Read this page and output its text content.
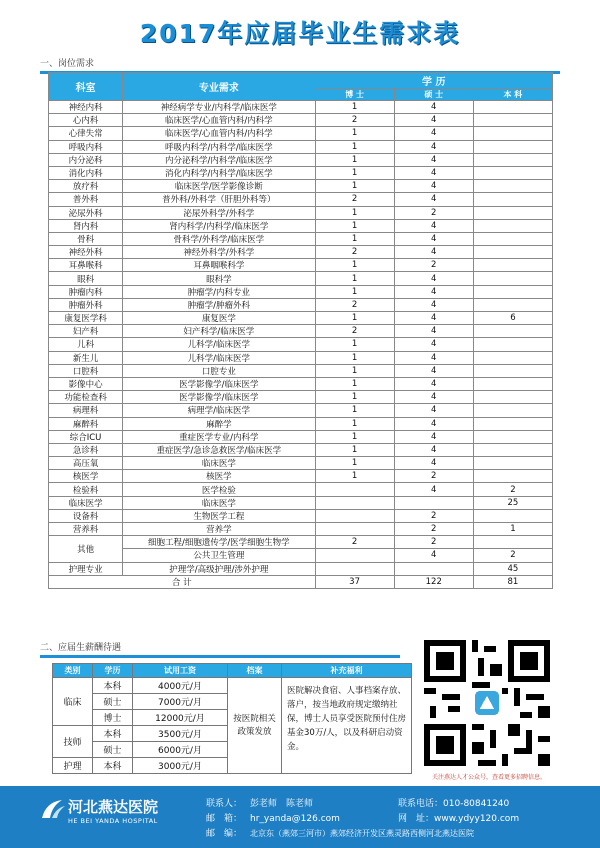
2017年应届毕业生需求表
一、岗位需求
科室	专业需求	学 历		
		博 士	硕 士	本 科
神经内科	神经病学专业/内科学/临床医学	1	4	
心内科	临床医学/心血管内科/内科学	2	4	
心律失常	临床医学/心血管内科/内科学	1	4	
呼吸内科	呼吸内科学/内科学/临床医学	1	4	
内分泌科	内分泌科学/内科学/临床医学	1	4	
消化内科	消化内科学/内科学/临床医学	1	4	
放疗科	临床医学/医学影像诊断	1	4	
普外科	普外科/外科学（肝胆外科等）	2	4	
泌尿外科	泌尿外科学/外科学	1	2	
肾内科	肾内科学/内科学/临床医学	1	4	
骨科	骨科学/外科学/临床医学	1	4	
神经外科	神经外科学/外科学	2	4	
耳鼻喉科	耳鼻咽喉科学	1	2	
眼科	眼科学	1	4	
肿瘤内科	肿瘤学/内科专业	1	4	
肿瘤外科	肿瘤学/肿瘤外科	2	4	
康复医学科	康复医学	1	4	6
妇产科	妇产科学/临床医学	2	4	
儿科	儿科学/临床医学	1	4	
新生儿	儿科学/临床医学	1	4	
口腔科	口腔专业	1	4	
影像中心	医学影像学/临床医学	1	4	
功能检查科	医学影像学/临床医学	1	4	
病理科	病理学/临床医学	1	4	
麻醉科	麻醉学	1	4	
综合ICU	重症医学专业/内科学	1	4	
急诊科	重症医学/急诊急救医学/临床医学	1	4	
高压氧	临床医学	1	4	
核医学	核医学	1	2	
检验科	医学检验		4	2
临床医学	临床医学			25
设备科	生物医学工程		2	
营养科	营养学		2	1
其他	细胞工程/细胞遗传学/医学细胞生物学	2	2	
	公共卫生管理		4	2
护理专业	护理学/高级护理/涉外护理			45
合 计		37	122	81
二、应届生薪酬待遇
类别	学历	试用工资	档案	补充福利
临床	本科	4000元/月	按医院相关政策发放	医院解决食宿、人事档案存放、落户，按当地政府规定缴纳社保，博士人员享受医院预付住房基金30万/人，以及科研启动资金。
	硕士	7000元/月		
	博士	12000元/月		
技师	本科	3500元/月		
	硕士	6000元/月		
护理	本科	3000元/月		
关注燕达人才公众号，查看更多招聘信息。
河北燕达医院
HE BEI YANDA HOSPITAL
联系人： 彭老师　陈老师
邮　箱： hr_yanda@126.com
邮　编： 北京东（燕郊三河市）燕郊经济开发区燕灵路西侧河北燕达医院
联系电话：010-80841240
网　址：www.ydyy120.com
